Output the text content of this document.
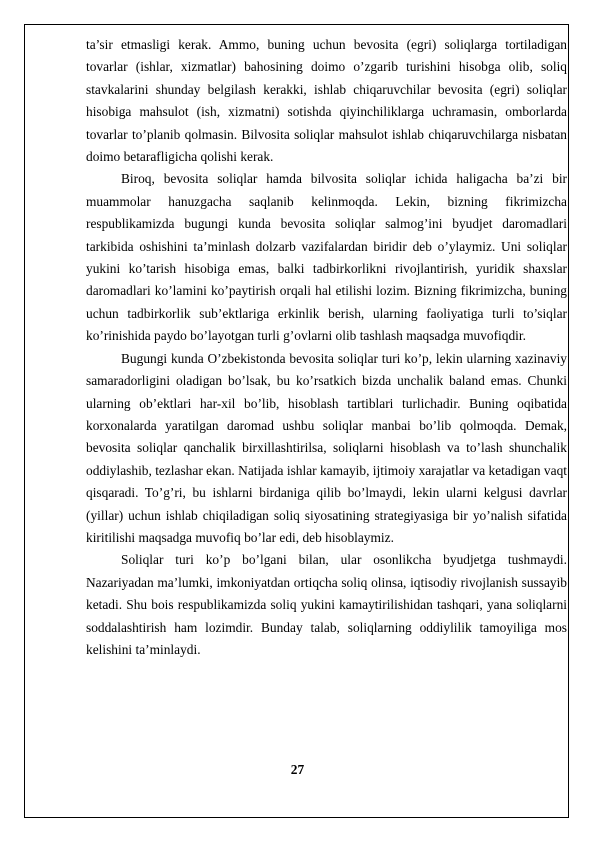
ta’sir etmasligi kerak. Ammo, buning uchun bevosita (egri) soliqlarga tortiladigan tovarlar (ishlar, xizmatlar) bahosining doimo o’zgarib turishini hisobga olib, soliq stavkalarini shunday belgilash kerakki, ishlab chiqaruvchilar bevosita (egri) soliqlar hisobiga mahsulot (ish, xizmatni) sotishda qiyinchiliklarga uchramasin, omborlarda tovarlar to’planib qolmasin. Bilvosita soliqlar mahsulot ishlab chiqaruvchilarga nisbatan doimo betarafligicha qolishi kerak.

Biroq, bevosita soliqlar hamda bilvosita soliqlar ichida haligacha ba’zi bir muammolar hanuzgacha saqlanib kelinmoqda. Lekin, bizning fikrimizcha respublikamizda bugungi kunda bevosita soliqlar salmog’ini byudjet daromadlari tarkibida oshishini ta’minlash dolzarb vazifalardan biridir deb o’ylaymiz. Uni soliqlar yukini ko’tarish hisobiga emas, balki tadbirkorlikni rivojlantirish, yuridik shaxslar daromadlari ko’lamini ko’paytirish orqali hal etilishi lozim. Bizning fikrimizcha, buning uchun tadbirkorlik sub’ektlariga erkinlik berish, ularning faoliyatiga turli to’siqlar ko’rinishida paydo bo’layotgan turli g’ovlarni olib tashlash maqsadga muvofiqdir.

Bugungi kunda O’zbekistonda bevosita soliqlar turi ko’p, lekin ularning xazinaviy samaradorligini oladigan bo’lsak, bu ko’rsatkich bizda unchalik baland emas. Chunki ularning ob’ektlari har-xil bo’lib, hisoblash tartiblari turlichadir. Buning oqibatida korxonalarda yaratilgan daromad ushbu soliqlar manbai bo’lib qolmoqda. Demak, bevosita soliqlar qanchalik birxillashtirilsa, soliqlarni hisoblash va to’lash shunchalik oddiylashib, tezlashar ekan. Natijada ishlar kamayib, ijtimoiy xarajatlar va ketadigan vaqt qisqaradi. To’g’ri, bu ishlarni birdaniga qilib bo’lmaydi, lekin ularni kelgusi davrlar (yillar) uchun ishlab chiqiladigan soliq siyosatining strategiyasiga bir yo’nalish sifatida kiritilishi maqsadga muvofiq bo’lar edi, deb hisoblaymiz.

Soliqlar turi ko’p bo’lgani bilan, ular osonlikcha byudjetga tushmaydi. Nazariyadan ma’lumki, imkoniyatdan ortiqcha soliq olinsa, iqtisodiy rivojlanish sussayib ketadi. Shu bois respublikamizda soliq yukini kamaytirilishidan tashqari, yana soliqlarni soddalashtirish ham lozimdir. Bunday talab, soliqlarning oddiylilik tamoyiliga mos kelishini ta’minlaydi.

27
